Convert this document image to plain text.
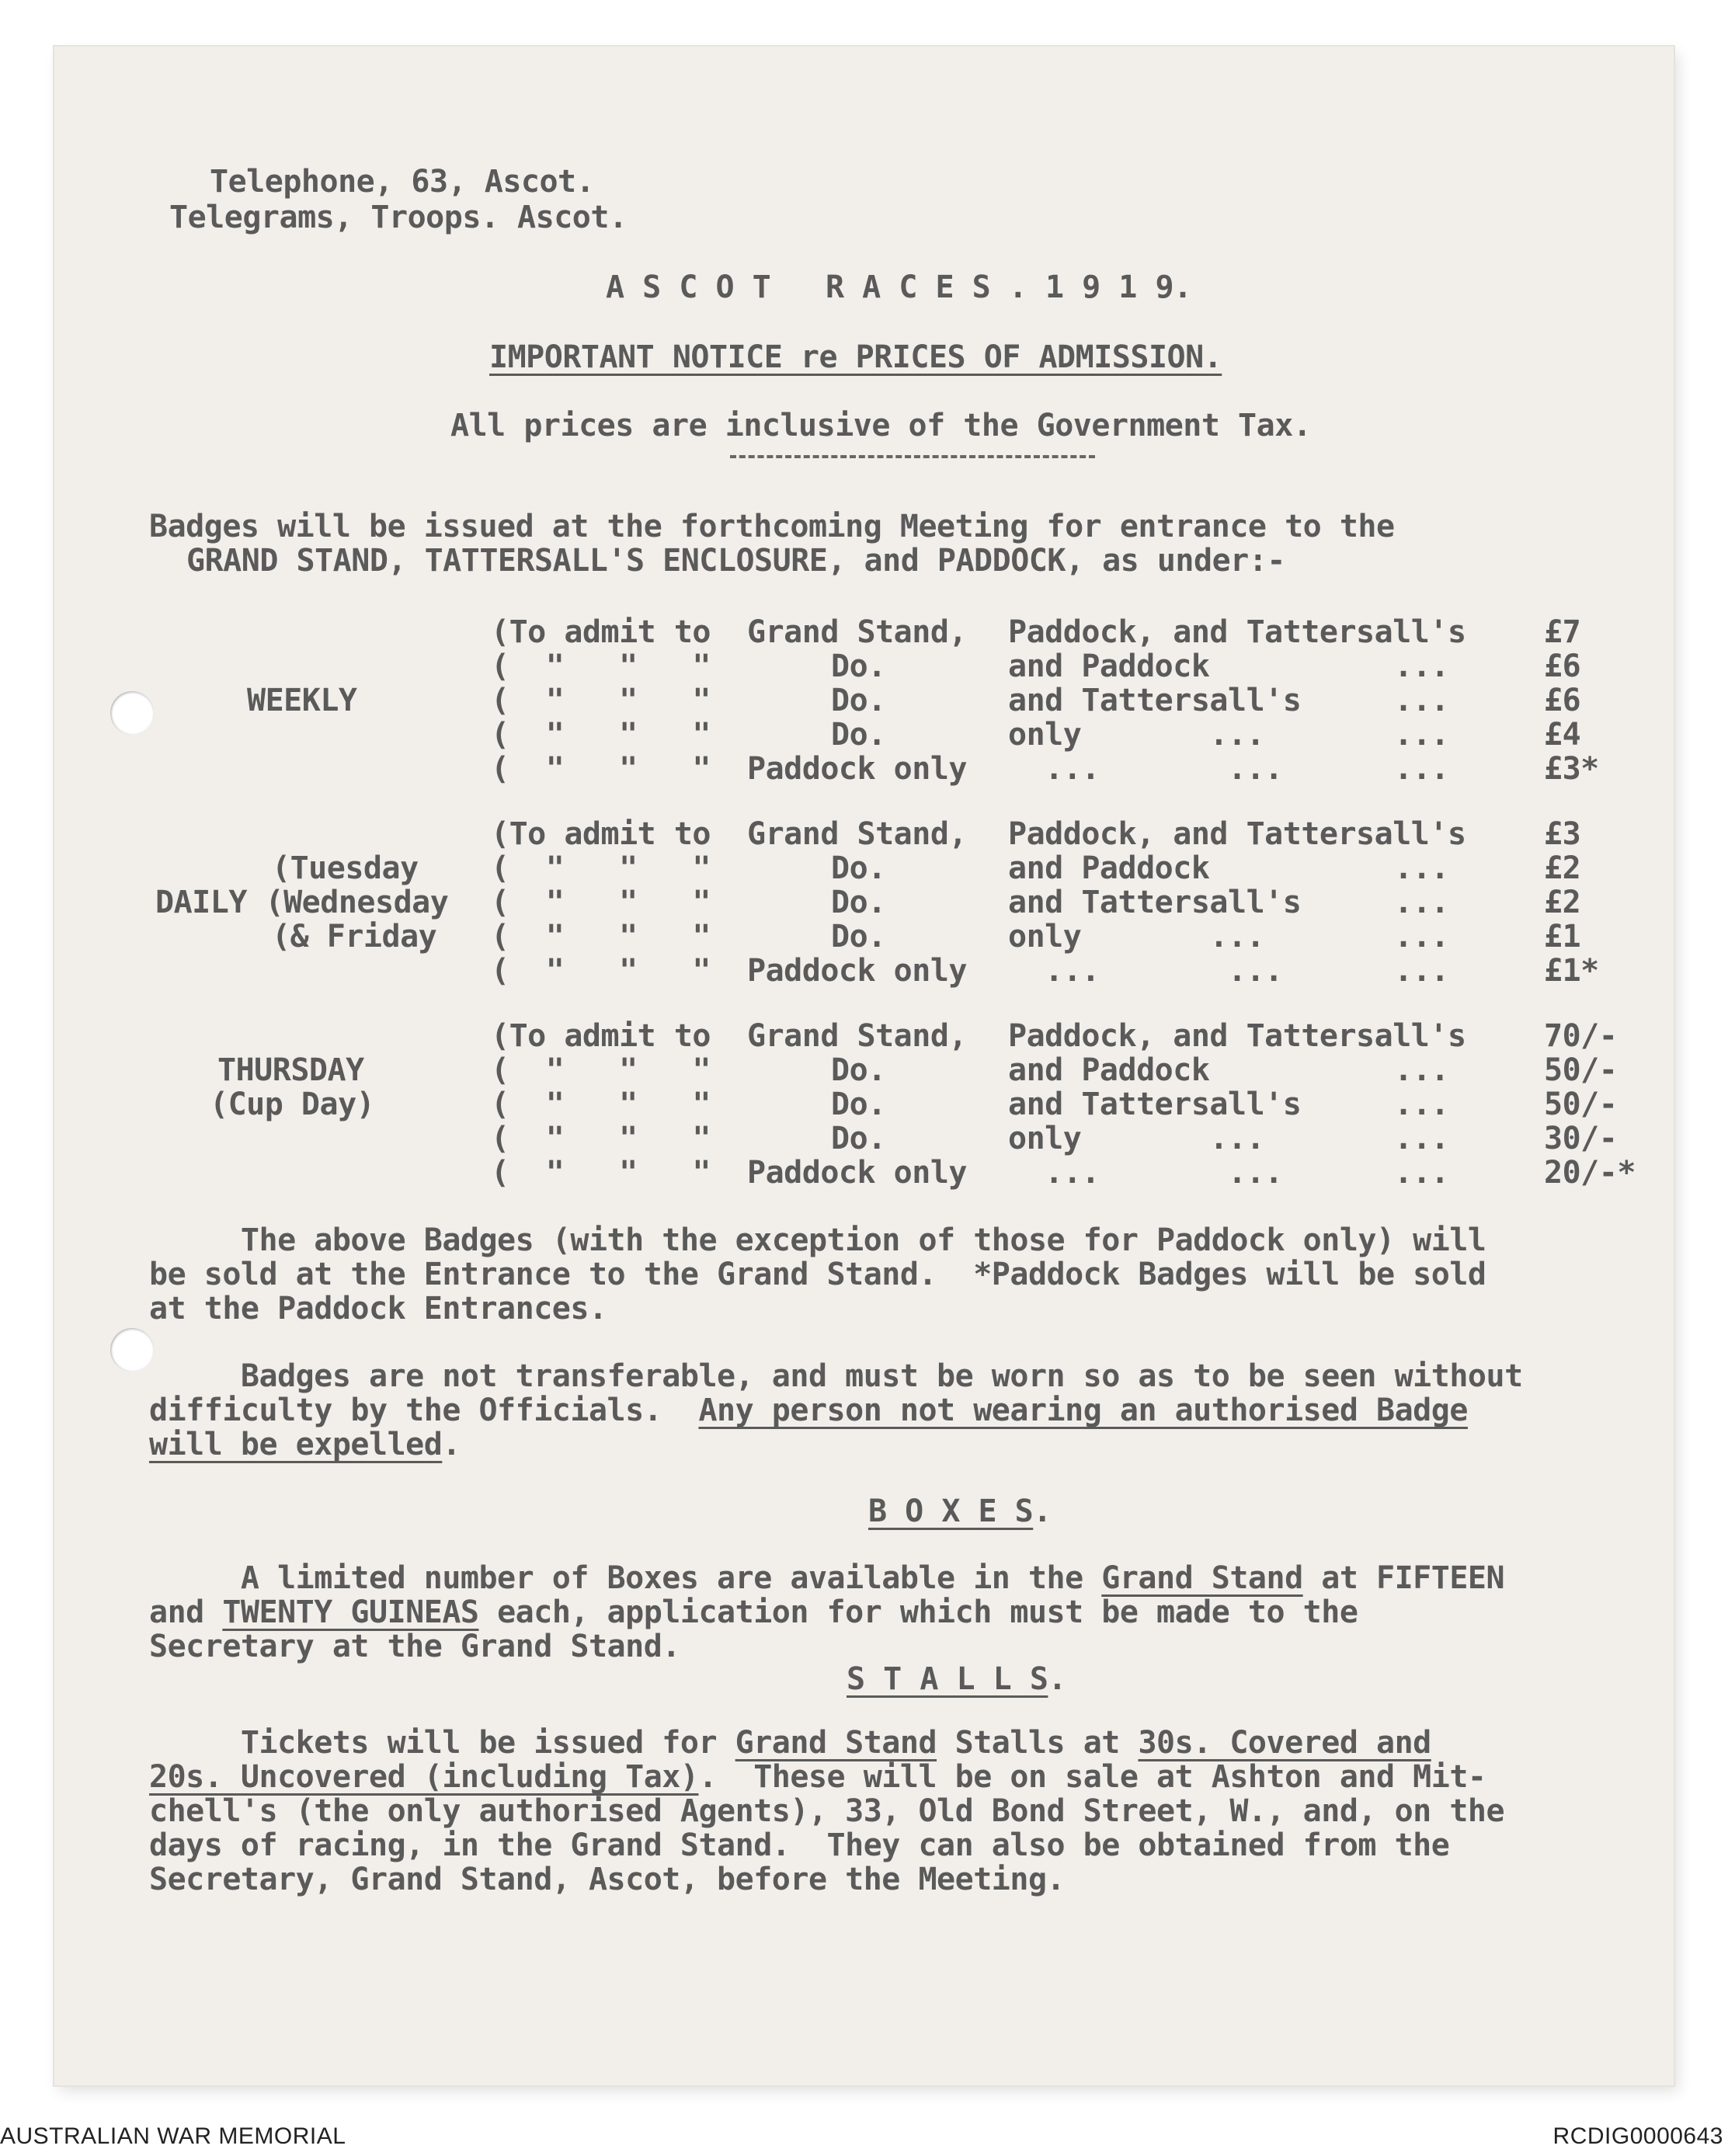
Telephone, 63, Ascot.
Telegrams, Troops. Ascot.
A S C O T   R A C E S . 1 9 1 9.
IMPORTANT NOTICE re PRICES OF ADMISSION.
All prices are inclusive of the Government Tax.
Badges will be issued at the forthcoming Meeting for entrance to the
GRAND STAND, TATTERSALL'S ENCLOSURE, and PADDOCK, as under:-
WEEKLY
(To admit to Grand Stand, Paddock, and Tattersall's	£7
(  "   "   "	Do.	and Paddock	...	£6
(  "   "   "	Do.	and Tattersall's	...	£6
(  "   "   "	Do.	only       ...	...	£4
(  "   "   " Paddock only ...       ...	...	£3*
(Tuesday
DAILY (Wednesday
(& Friday
(To admit to Grand Stand, Paddock, and Tattersall's	£3
(  "   "   "	Do.	and Paddock	...	£2
(  "   "   "	Do.	and Tattersall's	...	£2
(  "   "   "	Do.	only       ...	...	£1
(  "   "   " Paddock only ...       ...	...	£1*
THURSDAY
(Cup Day)
(To admit to Grand Stand, Paddock, and Tattersall's	70/-
(  "   "   "	Do.	and Paddock	...	50/-
(  "   "   "	Do.	and Tattersall's	...	50/-
(  "   "   "	Do.	only       ...	...	30/-
(  "   "   " Paddock only ...       ...	...	20/-*
The above Badges (with the exception of those for Paddock only) will
be sold at the Entrance to the Grand Stand.  *Paddock Badges will be sold
at the Paddock Entrances.
Badges are not transferable, and must be worn so as to be seen without
difficulty by the Officials.  Any person not wearing an authorised Badge
will be expelled.
B O X E S.
A limited number of Boxes are available in the Grand Stand at FIFTEEN
and TWENTY GUINEAS each, application for which must be made to the
Secretary at the Grand Stand.
S T A L L S.
Tickets will be issued for Grand Stand Stalls at 30s. Covered and
20s. Uncovered (including Tax).  These will be on sale at Ashton and Mit-
chell's (the only authorised Agents), 33, Old Bond Street, W., and, on the
days of racing, in the Grand Stand.  They can also be obtained from the
Secretary, Grand Stand, Ascot, before the Meeting.
AUSTRALIAN WAR MEMORIAL	RCDIG0000643
